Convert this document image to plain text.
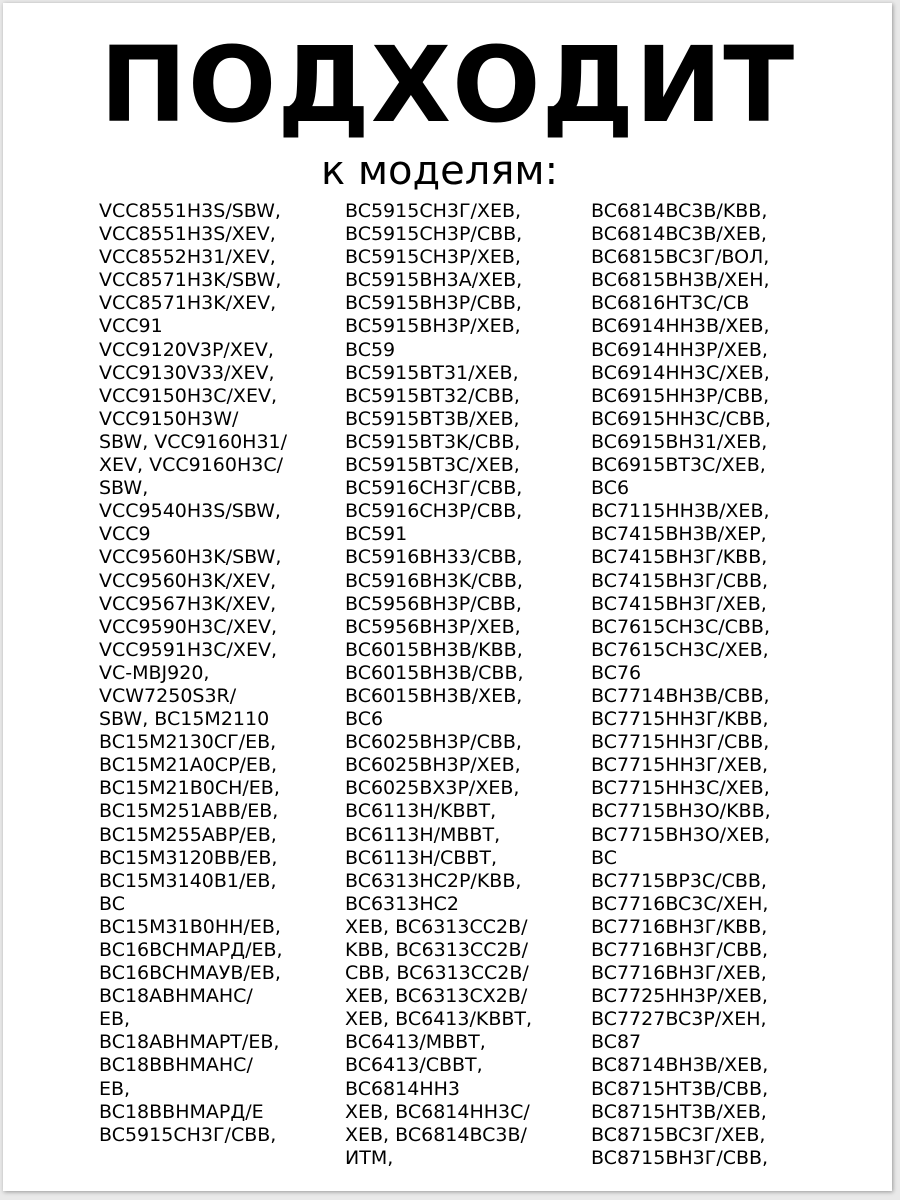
ПОДХОДИТ
к моделям:
VCC8551H3S/SBW,
VCC8551H3S/XEV,
VCC8552H31/XEV,
VCC8571H3K/SBW,
VCC8571H3K/XEV,
VCC91
VCC9120V3P/XEV,
VCC9130V33/XEV,
VCC9150H3C/XEV,
VCC9150H3W/
SBW, VCC9160H31/
XEV, VCC9160H3C/
SBW,
VCC9540H3S/SBW,
VCC9
VCC9560H3K/SBW,
VCC9560H3K/XEV,
VCC9567H3K/XEV,
VCC9590H3C/XEV,
VCC9591H3C/XEV,
VC-MBJ920,
VCW7250S3R/
SBW, BC15M2110
BC15M2130CГ/EB,
BC15M21A0CP/EB,
BC15M21B0CH/EB,
BC15M251ABB/EB,
BC15M255ABP/EB,
BC15M3120BB/EB,
BC15M3140B1/EB,
BC
BC15M31B0HH/EB,
BC16BCHMAPД/EB,
BC16BCHMAУB/EB,
BC18ABHMAHC/
EB,
BC18ABHMAPT/EB,
BC18BBHMAHC/
EB,
BC18BBHMAPД/E
BC5915CH3Г/CBB,
BC5915CH3Г/XEB,
BC5915CH3P/CBB,
BC5915CH3P/XEB,
BC5915BH3A/XEB,
BC5915BH3P/CBB,
BC5915BH3P/XEB,
BC59
BC5915BT31/XEB,
BC5915BT32/CBB,
BC5915BT3B/XEB,
BC5915BT3K/CBB,
BC5915BT3C/XEB,
BC5916CH3Г/CBB,
BC5916CH3P/CBB,
BC591
BC5916BH33/CBB,
BC5916BH3K/CBB,
BC5956BH3P/CBB,
BC5956BH3P/XEB,
BC6015BH3B/KBB,
BC6015BH3B/CBB,
BC6015BH3B/XEB,
BC6
BC6025BH3P/CBB,
BC6025BH3P/XEB,
BC6025BX3P/XEB,
BC6113H/KBBT,
BC6113H/MBBT,
BC6113H/CBBT,
BC6313HC2P/KBB,
BC6313HC2
XEB, BC6313CC2B/
KBB, BC6313CC2B/
CBB, BC6313CC2B/
XEB, BC6313CX2B/
XEB, BC6413/KBBT,
BC6413/MBBT,
BC6413/CBBT,
BC6814HH3
XEB, BC6814HH3C/
XEB, BC6814BC3B/
ИTM,
BC6814BC3B/KBB,
BC6814BC3B/XEB,
BC6815BC3Г/BOЛ,
BC6815BH3B/XEH,
BC6816HT3C/CB
BC6914HH3B/XEB,
BC6914HH3P/XEB,
BC6914HH3C/XEB,
BC6915HH3P/CBB,
BC6915HH3C/CBB,
BC6915BH31/XEB,
BC6915BT3C/XEB,
BC6
BC7115HH3B/XEB,
BC7415BH3B/XEP,
BC7415BH3Г/KBB,
BC7415BH3Г/CBB,
BC7415BH3Г/XEB,
BC7615CH3C/CBB,
BC7615CH3C/XEB,
BC76
BC7714BH3B/CBB,
BC7715HH3Г/KBB,
BC7715HH3Г/CBB,
BC7715HH3Г/XEB,
BC7715HH3C/XEB,
BC7715BH3O/KBB,
BC7715BH3O/XEB,
BC
BC7715BP3C/CBB,
BC7716BC3C/XEH,
BC7716BH3Г/KBB,
BC7716BH3Г/CBB,
BC7716BH3Г/XEB,
BC7725HH3P/XEB,
BC7727BC3P/XEH,
BC87
BC8714BH3B/XEB,
BC8715HT3B/CBB,
BC8715HT3B/XEB,
BC8715BC3Г/XEB,
BC8715BH3Г/CBB,
